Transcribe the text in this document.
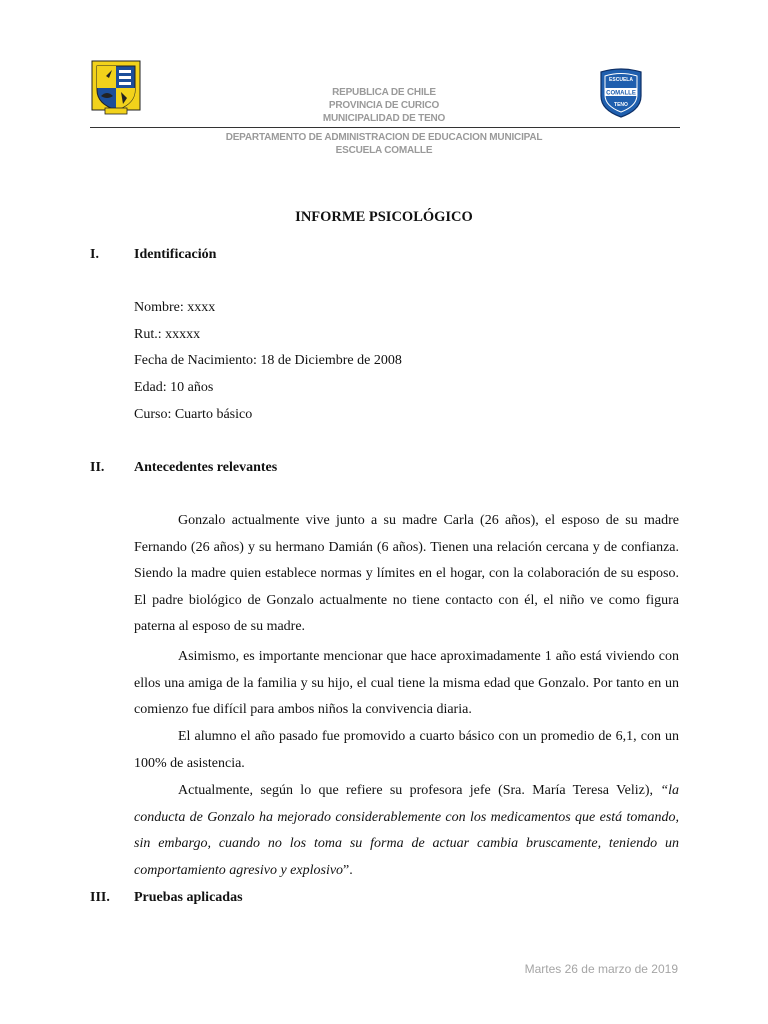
ESCUELA
COMALLE
TENO
REPUBLICA DE CHILE
PROVINCIA DE CURICO
MUNICIPALIDAD DE TENO
DEPARTAMENTO DE ADMINISTRACION DE EDUCACION MUNICIPAL
ESCUELA COMALLE
INFORME PSICOLÓGICO
I.	Identificación
Nombre: xxxx
Rut.: xxxxx
Fecha de Nacimiento: 18 de Diciembre de 2008
Edad: 10 años
Curso: Cuarto básico
II. Antecedentes relevantes

Gonzalo actualmente vive junto a su madre Carla (26 años), el esposo de su madre Fernando (26 años) y su hermano Damián (6 años). Tienen una relación cercana y de confianza. Siendo la madre quien establece normas y límites en el hogar, con la colaboración de su esposo. El padre biológico de Gonzalo actualmente no tiene contacto con él, el niño ve como figura paterna al esposo de su madre.

Asimismo, es importante mencionar que hace aproximadamente 1 año está viviendo con ellos una amiga de la familia y su hijo, el cual tiene la misma edad que Gonzalo. Por tanto en un comienzo fue difícil para ambos niños la convivencia diaria.

El alumno el año pasado fue promovido a cuarto básico con un promedio de 6,1, con un 100% de asistencia.

Actualmente, según lo que refiere su profesora jefe (Sra. María Teresa Veliz), “la conducta de Gonzalo ha mejorado considerablemente con los medicamentos que está tomando, sin embargo, cuando no los toma su forma de actuar cambia bruscamente, teniendo un comportamiento agresivo y explosivo”.

III. Pruebas aplicadas
Martes 26 de marzo de 2019
